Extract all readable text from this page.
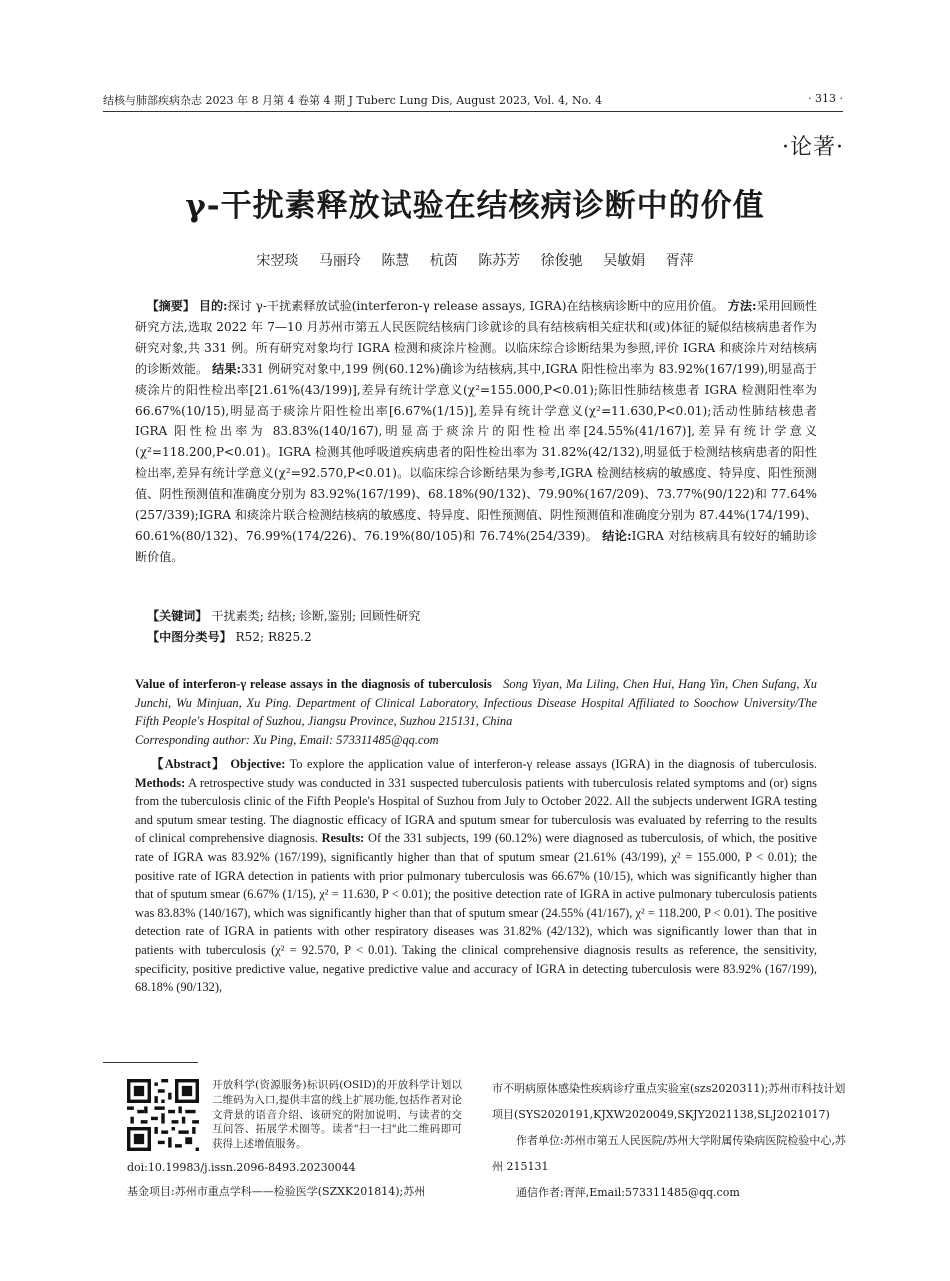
结核与肺部疾病杂志 2023 年 8 月第 4 卷第 4 期 J Tuberc Lung Dis, August 2023, Vol. 4, No. 4	· 313 ·
·论著·
γ-干扰素释放试验在结核病诊断中的价值
宋翌琰 马丽玲 陈慧 杭茵 陈苏芳 徐俊驰 吴敏娟 胥萍
【摘要】 目的:探讨 γ-干扰素释放试验(interferon-γ release assays, IGRA)在结核病诊断中的应用价值。 方法:采用回顾性研究方法,选取 2022 年 7—10 月苏州市第五人民医院结核病门诊就诊的具有结核病相关症状和(或)体征的疑似结核病患者作为研究对象,共 331 例。所有研究对象均行 IGRA 检测和痰涂片检测。以临床综合诊断结果为参照,评价 IGRA 和痰涂片对结核病的诊断效能。 结果:331 例研究对象中,199 例(60.12%)确诊为结核病,其中,IGRA 阳性检出率为 83.92%(167/199),明显高于痰涂片的阳性检出率[21.61%(43/199)],差异有统计学意义(χ²=155.000,P<0.01);陈旧性肺结核患者 IGRA 检测阳性率为 66.67%(10/15),明显高于痰涂片阳性检出率[6.67%(1/15)],差异有统计学意义(χ²=11.630,P<0.01);活动性肺结核患者 IGRA 阳性检出率为 83.83%(140/167),明显高于痰涂片的阳性检出率[24.55%(41/167)],差异有统计学意义(χ²=118.200,P<0.01)。IGRA 检测其他呼吸道疾病患者的阳性检出率为 31.82%(42/132),明显低于检测结核病患者的阳性检出率,差异有统计学意义(χ²=92.570,P<0.01)。以临床综合诊断结果为参考,IGRA 检测结核病的敏感度、特异度、阳性预测值、阴性预测值和准确度分别为 83.92%(167/199)、68.18%(90/132)、79.90%(167/209)、73.77%(90/122)和 77.64%(257/339);IGRA 和痰涂片联合检测结核病的敏感度、特异度、阳性预测值、阴性预测值和准确度分别为 87.44%(174/199)、60.61%(80/132)、76.99%(174/226)、76.19%(80/105)和 76.74%(254/339)。 结论:IGRA 对结核病具有较好的辅助诊断价值。
【关键词】 干扰素类; 结核; 诊断,鉴别; 回顾性研究
【中图分类号】 R52; R825.2
Value of interferon-γ release assays in the diagnosis of tuberculosis Song Yiyan, Ma Liling, Chen Hui, Hang Yin, Chen Sufang, Xu Junchi, Wu Minjuan, Xu Ping. Department of Clinical Laboratory, Infectious Disease Hospital Affiliated to Soochow University/The Fifth People's Hospital of Suzhou, Jiangsu Province, Suzhou 215131, China
Corresponding author: Xu Ping, Email: 573311485@qq.com
【Abstract】 Objective: To explore the application value of interferon-γ release assays (IGRA) in the diagnosis of tuberculosis. Methods: A retrospective study was conducted in 331 suspected tuberculosis patients with tuberculosis related symptoms and (or) signs from the tuberculosis clinic of the Fifth People's Hospital of Suzhou from July to October 2022. All the subjects underwent IGRA testing and sputum smear testing. The diagnostic efficacy of IGRA and sputum smear for tuberculosis was evaluated by referring to the results of clinical comprehensive diagnosis. Results: Of the 331 subjects, 199 (60.12%) were diagnosed as tuberculosis, of which, the positive rate of IGRA was 83.92% (167/199), significantly higher than that of sputum smear (21.61% (43/199), χ² = 155.000, P < 0.01); the positive rate of IGRA detection in patients with prior pulmonary tuberculosis was 66.67% (10/15), which was significantly higher than that of sputum smear (6.67% (1/15), χ² = 11.630, P < 0.01); the positive detection rate of IGRA in active pulmonary tuberculosis patients was 83.83% (140/167), which was significantly higher than that of sputum smear (24.55% (41/167), χ² = 118.200, P < 0.01). The positive detection rate of IGRA in patients with other respiratory diseases was 31.82% (42/132), which was significantly lower than that in patients with tuberculosis (χ² = 92.570, P < 0.01). Taking the clinical comprehensive diagnosis results as reference, the sensitivity, specificity, positive predictive value, negative predictive value and accuracy of IGRA in detecting tuberculosis were 83.92% (167/199), 68.18% (90/132),
开放科学(资源服务)标识码(OSID)的开放科学计划以二维码为入口,提供丰富的线上扩展功能,包括作者对论文背景的语音介绍、该研究的附加说明、与读者的交互问答、拓展学术圈等。读者"扫一扫"此二维码即可获得上述增值服务。
doi:10.19983/j.issn.2096-8493.20230044
基金项目:苏州市重点学科——检验医学(SZXK201814);苏州
市不明病原体感染性疾病诊疗重点实验室(szs2020311);苏州市科技计划项目(SYS2020191,KJXW2020049,SKJY2021138,SLJ2021017)
作者单位:苏州市第五人民医院/苏州大学附属传染病医院检验中心,苏州 215131
通信作者:胥萍,Email:573311485@qq.com
